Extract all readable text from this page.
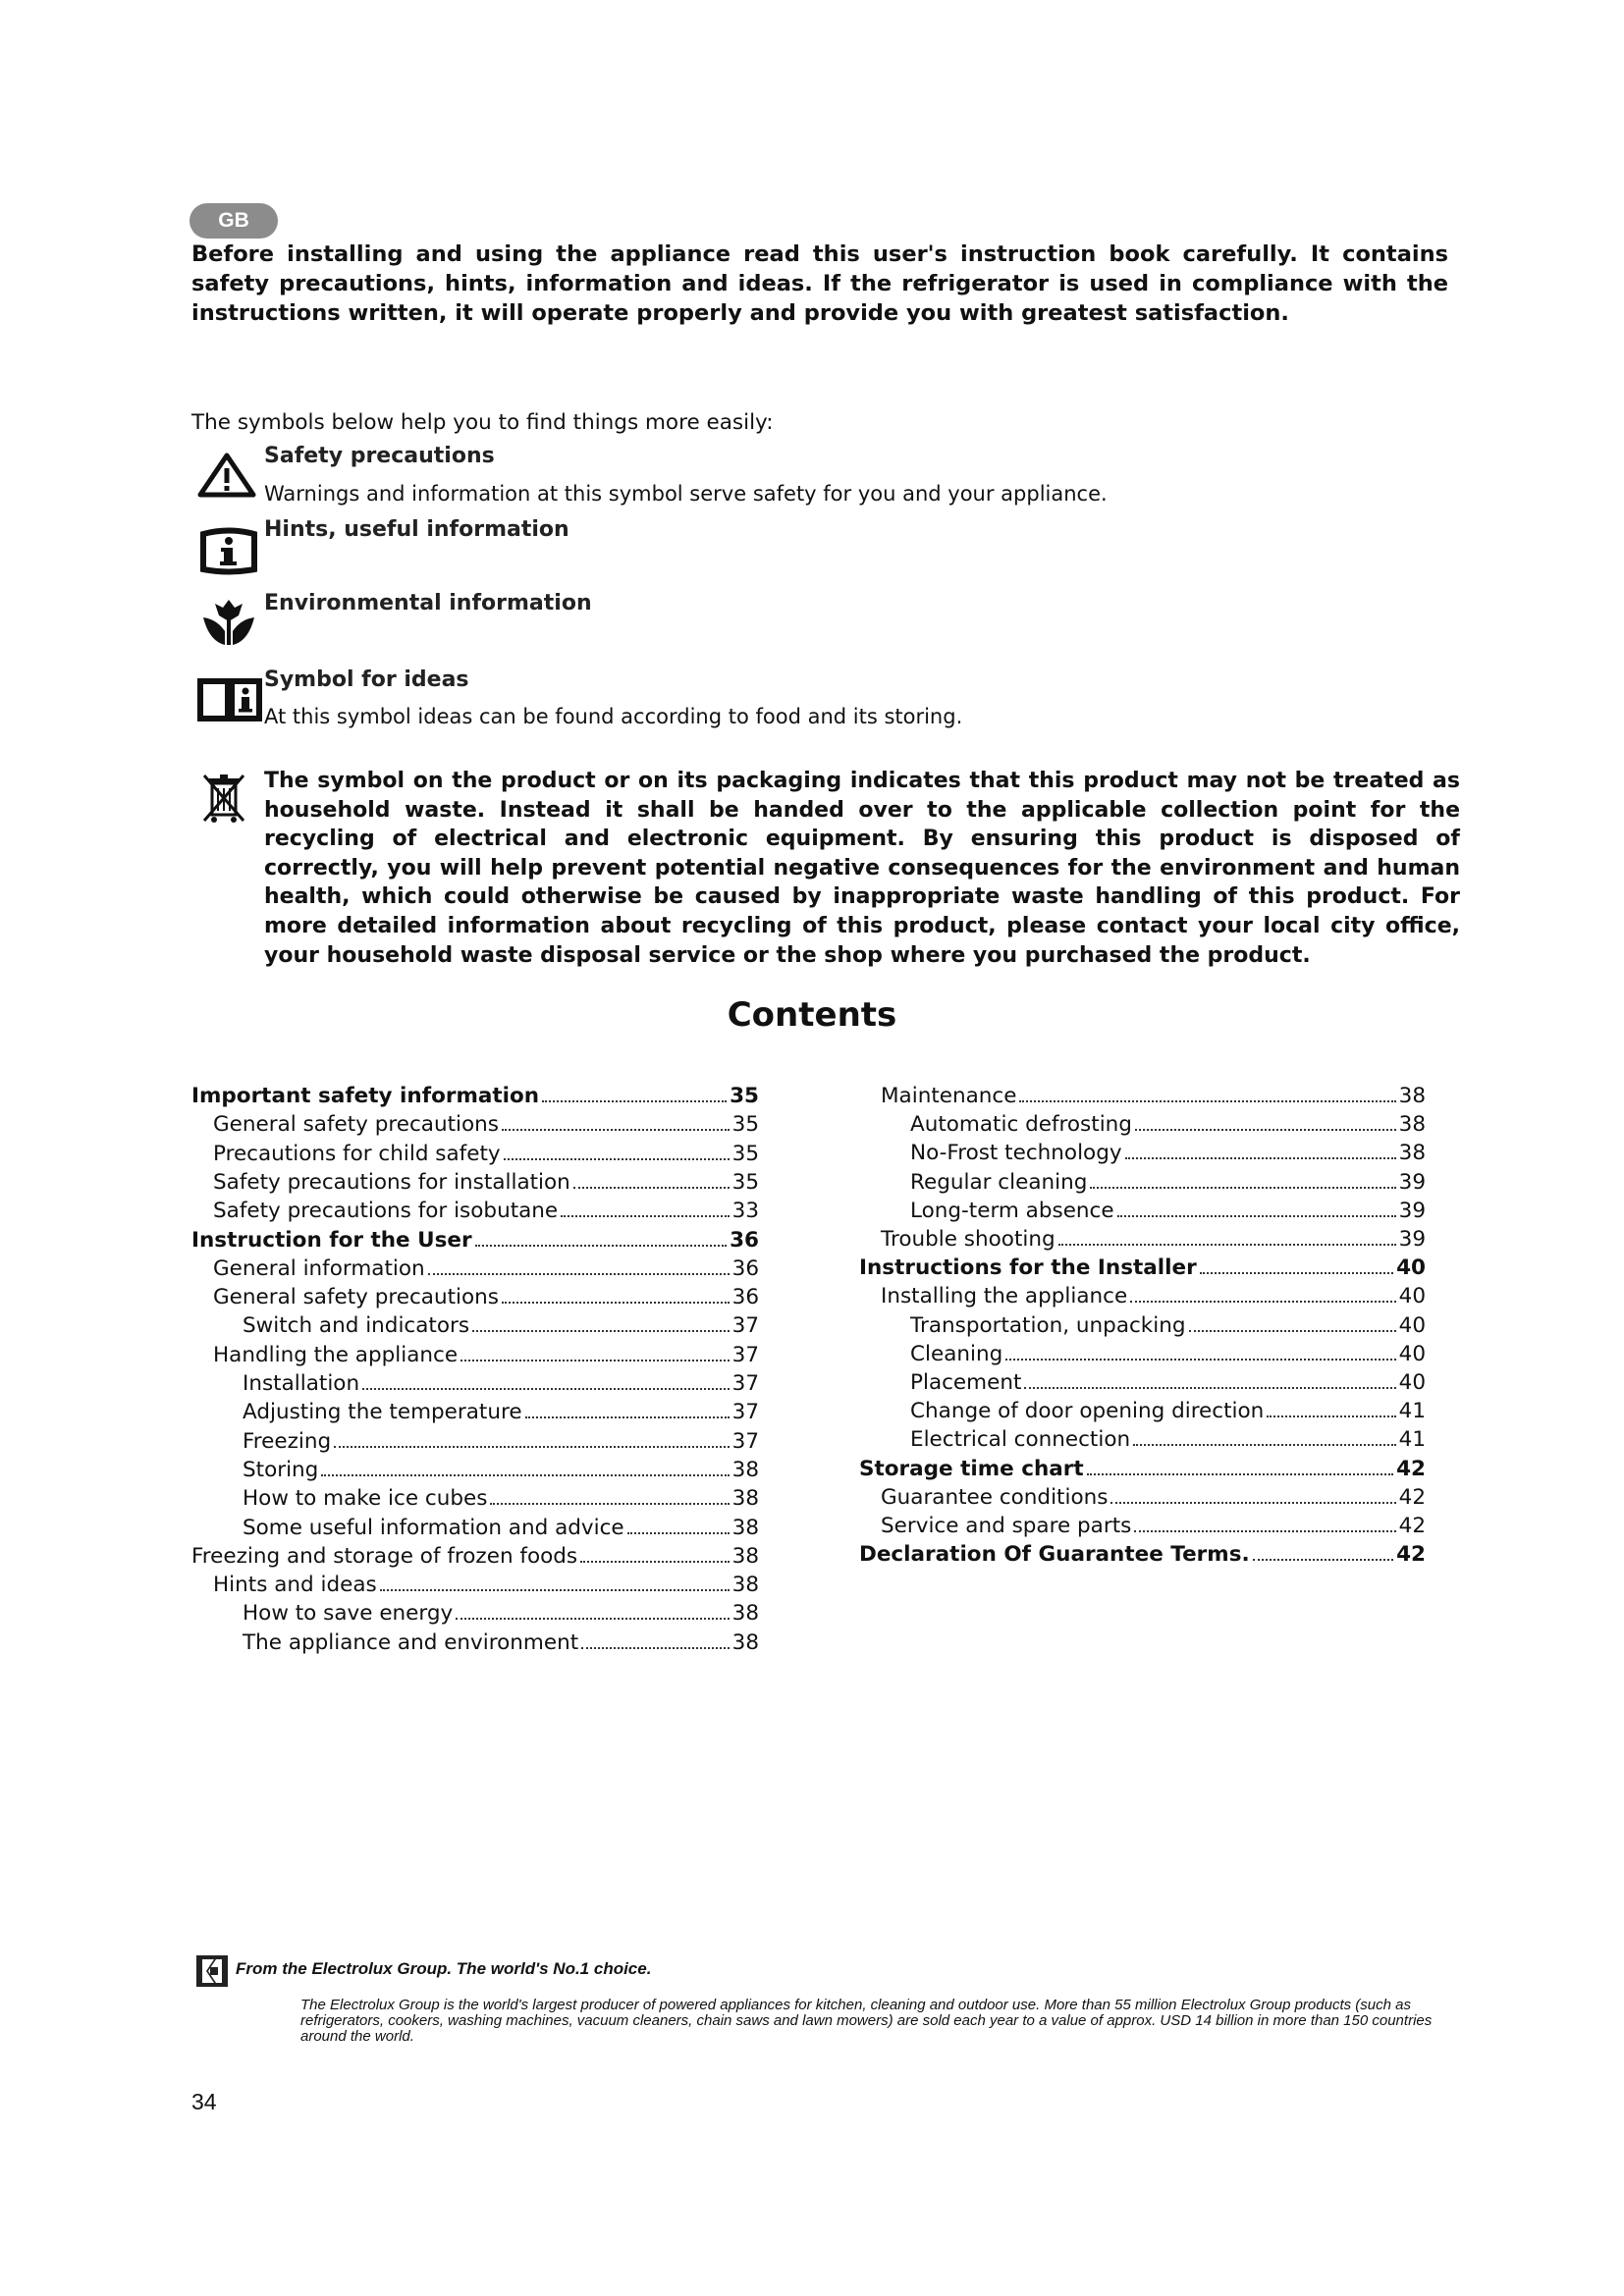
GB
Before installing and using the appliance read this user's instruction book carefully. It contains safety precautions, hints, information and ideas. If the refrigerator is used in compliance with the instructions written, it will operate properly and provide you with greatest satisfaction.
The symbols below help you to find things more easily:
Safety precautions
Warnings and information at this symbol serve safety for you and your appliance.
Hints, useful information
Environmental information
Symbol for ideas
At this symbol ideas can be found according to food and its storing.
The symbol on the product or on its packaging indicates that this product may not be treated as household waste. Instead it shall be handed over to the applicable collection point for the recycling of electrical and electronic equipment. By ensuring this product is disposed of correctly, you will help prevent potential negative consequences for the environment and human health, which could otherwise be caused by inappropriate waste handling of this product. For more detailed information about recycling of this product, please contact your local city office, your household waste disposal service or the shop where you purchased the product.
Contents
Important safety information	35
General safety precautions	35
Precautions for child safety	35
Safety precautions for installation	35
Safety precautions for isobutane	33
Instruction for the User	36
General information	36
General safety precautions	36
Switch and indicators	37
Handling the appliance	37
Installation	37
Adjusting the temperature	37
Freezing	37
Storing	38
How to make ice cubes	38
Some useful information and advice	38
Freezing and storage of frozen foods	38
Hints and ideas	38
How to save energy	38
The appliance and environment	38
Maintenance	38
Automatic defrosting	38
No-Frost technology	38
Regular cleaning	39
Long-term absence	39
Trouble shooting	39
Instructions for the Installer	40
Installing the appliance	40
Transportation, unpacking	40
Cleaning	40
Placement	40
Change of door opening direction	41
Electrical connection	41
Storage time chart	42
Guarantee conditions	42
Service and spare parts	42
Declaration Of Guarantee Terms.	42
From the Electrolux Group. The world's No.1 choice.
The Electrolux Group is the world's largest producer of powered appliances for kitchen, cleaning and outdoor use. More than 55 million Electrolux Group products (such as refrigerators, cookers, washing machines, vacuum cleaners, chain saws and lawn mowers) are sold each year to a value of approx. USD 14 billion in more than 150 countries around the world.
34
